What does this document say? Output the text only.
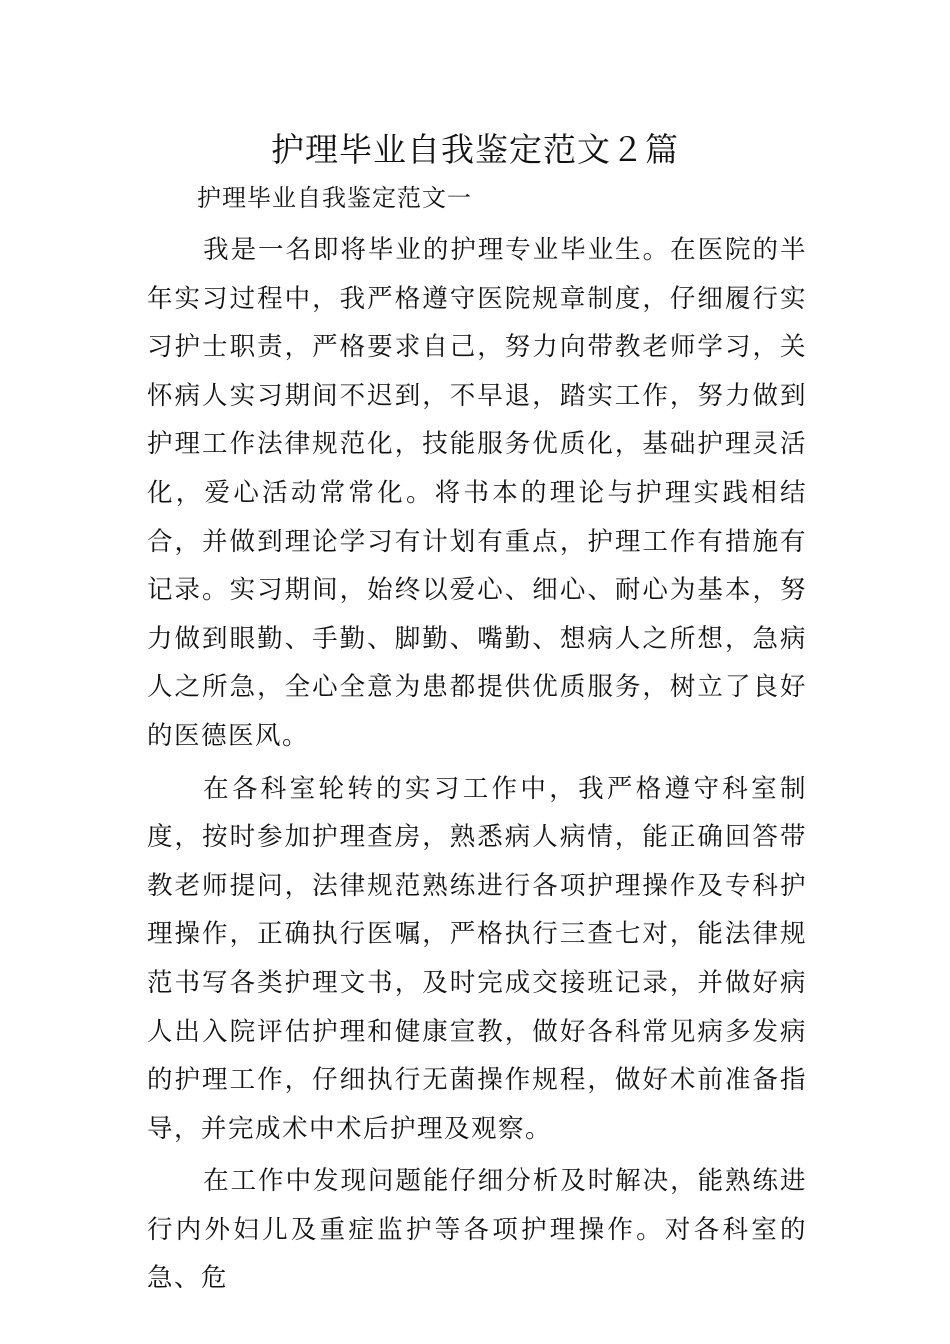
护理毕业自我鉴定范文２篇

护理毕业自我鉴定范文一

我是一名即将毕业的护理专业毕业生。在医院的半年实习过程中，我严格遵守医院规章制度，仔细履行实习护士职责，严格要求自己，努力向带教老师学习，关怀病人实习期间不迟到，不早退，踏实工作，努力做到护理工作法律规范化，技能服务优质化，基础护理灵活化，爱心活动常常化。将书本的理论与护理实践相结合，并做到理论学习有计划有重点，护理工作有措施有记录。实习期间，始终以爱心、细心、耐心为基本，努力做到眼勤、手勤、脚勤、嘴勤、想病人之所想，急病人之所急，全心全意为患都提供优质服务，树立了良好的医德医风。

在各科室轮转的实习工作中，我严格遵守科室制度，按时参加护理查房，熟悉病人病情，能正确回答带教老师提问，法律规范熟练进行各项护理操作及专科护理操作，正确执行医嘱，严格执行三查七对，能法律规范书写各类护理文书，及时完成交接班记录，并做好病人出入院评估护理和健康宣教，做好各科常见病多发病的护理工作，仔细执行无菌操作规程，做好术前准备指导，并完成术中术后护理及观察。

在工作中发现问题能仔细分析及时解决，能熟练进行内外妇儿及重症监护等各项护理操作。对各科室的急、危
